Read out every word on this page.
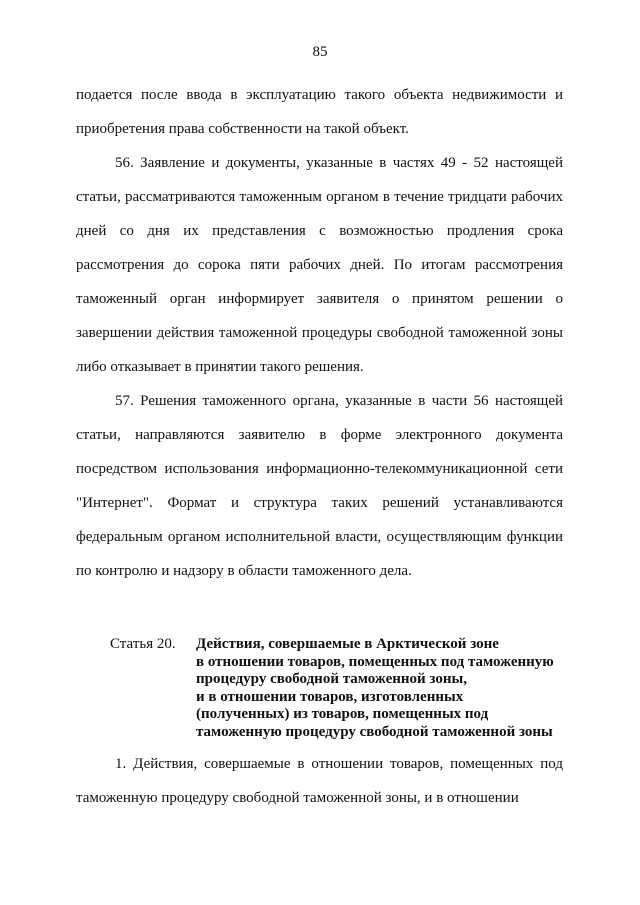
85

подается после ввода в эксплуатацию такого объекта недвижимости и приобретения права собственности на такой объект.

56. Заявление и документы, указанные в частях 49 - 52 настоящей статьи, рассматриваются таможенным органом в течение тридцати рабочих дней со дня их представления с возможностью продления срока рассмотрения до сорока пяти рабочих дней. По итогам рассмотрения таможенный орган информирует заявителя о принятом решении о завершении действия таможенной процедуры свободной таможенной зоны либо отказывает в принятии такого решения.

57. Решения таможенного органа, указанные в части 56 настоящей статьи, направляются заявителю в форме электронного документа посредством использования информационно-телекоммуникационной сети "Интернет". Формат и структура таких решений устанавливаются федеральным органом исполнительной власти, осуществляющим функции по контролю и надзору в области таможенного дела.

Статья 20.	Действия, совершаемые в Арктической зоне
в отношении товаров, помещенных под таможенную
процедуру свободной таможенной зоны,
и в отношении товаров, изготовленных
(полученных) из товаров, помещенных под
таможенную процедуру свободной таможенной зоны

1. Действия, совершаемые в отношении товаров, помещенных под таможенную процедуру свободной таможенной зоны, и в отношении
